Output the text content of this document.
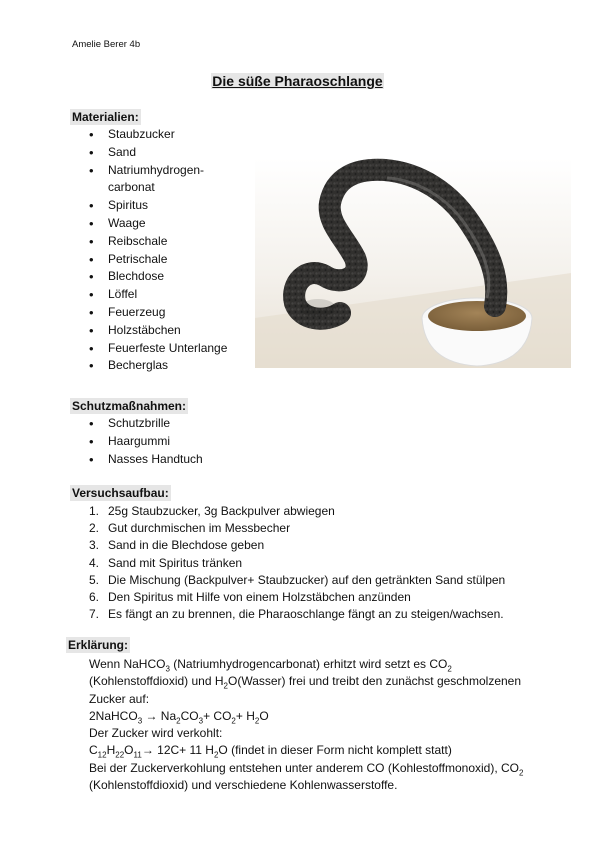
Amelie Berer 4b
Die süße Pharaoschlange
Materialien:
• Staubzucker
• Sand
• Natriumhydrogen-
carbonat
• Spiritus
• Waage
• Reibschale
• Petrischale
• Blechdose
• Löffel
• Feuerzeug
• Holzstäbchen
• Feuerfeste Unterlange
• Becherglas
Schutzmaßnahmen:
• Schutzbrille
• Haargummi
• Nasses Handtuch
Versuchsaufbau:
1. 25g Staubzucker, 3g Backpulver abwiegen
2. Gut durchmischen im Messbecher
3. Sand in die Blechdose geben
4. Sand mit Spiritus tränken
5. Die Mischung (Backpulver+ Staubzucker) auf den getränkten Sand stülpen
6. Den Spiritus mit Hilfe von einem Holzstäbchen anzünden
7. Es fängt an zu brennen, die Pharaoschlange fängt an zu steigen/wachsen.
Erklärung:

Wenn NaHCO$_3$ (Natriumhydrogencarbonat) erhitzt wird setzt es $CO_2$

(Kohlenstoffdioxid) und $H_2O(Wasser)$ frei und treibt den zunächst geschmolzenen

Zucker auf:

2NaHCO$_3$ → $Na_2CO_3+ CO_2+ H_2O$

Der Zucker wird verkohlt:

$C_{12}H_{22}O_{11}\to 12C+ 11$ $H_2O$ (findet in dieser Form nicht komplett statt)

Bei der Zuckerverkohlung entstehen unter anderem CO (Kohlestoffmonoxid), $CO_2$

(Kohlenstoffdioxid) und verschiedene Kohlenwasserstoffe.
